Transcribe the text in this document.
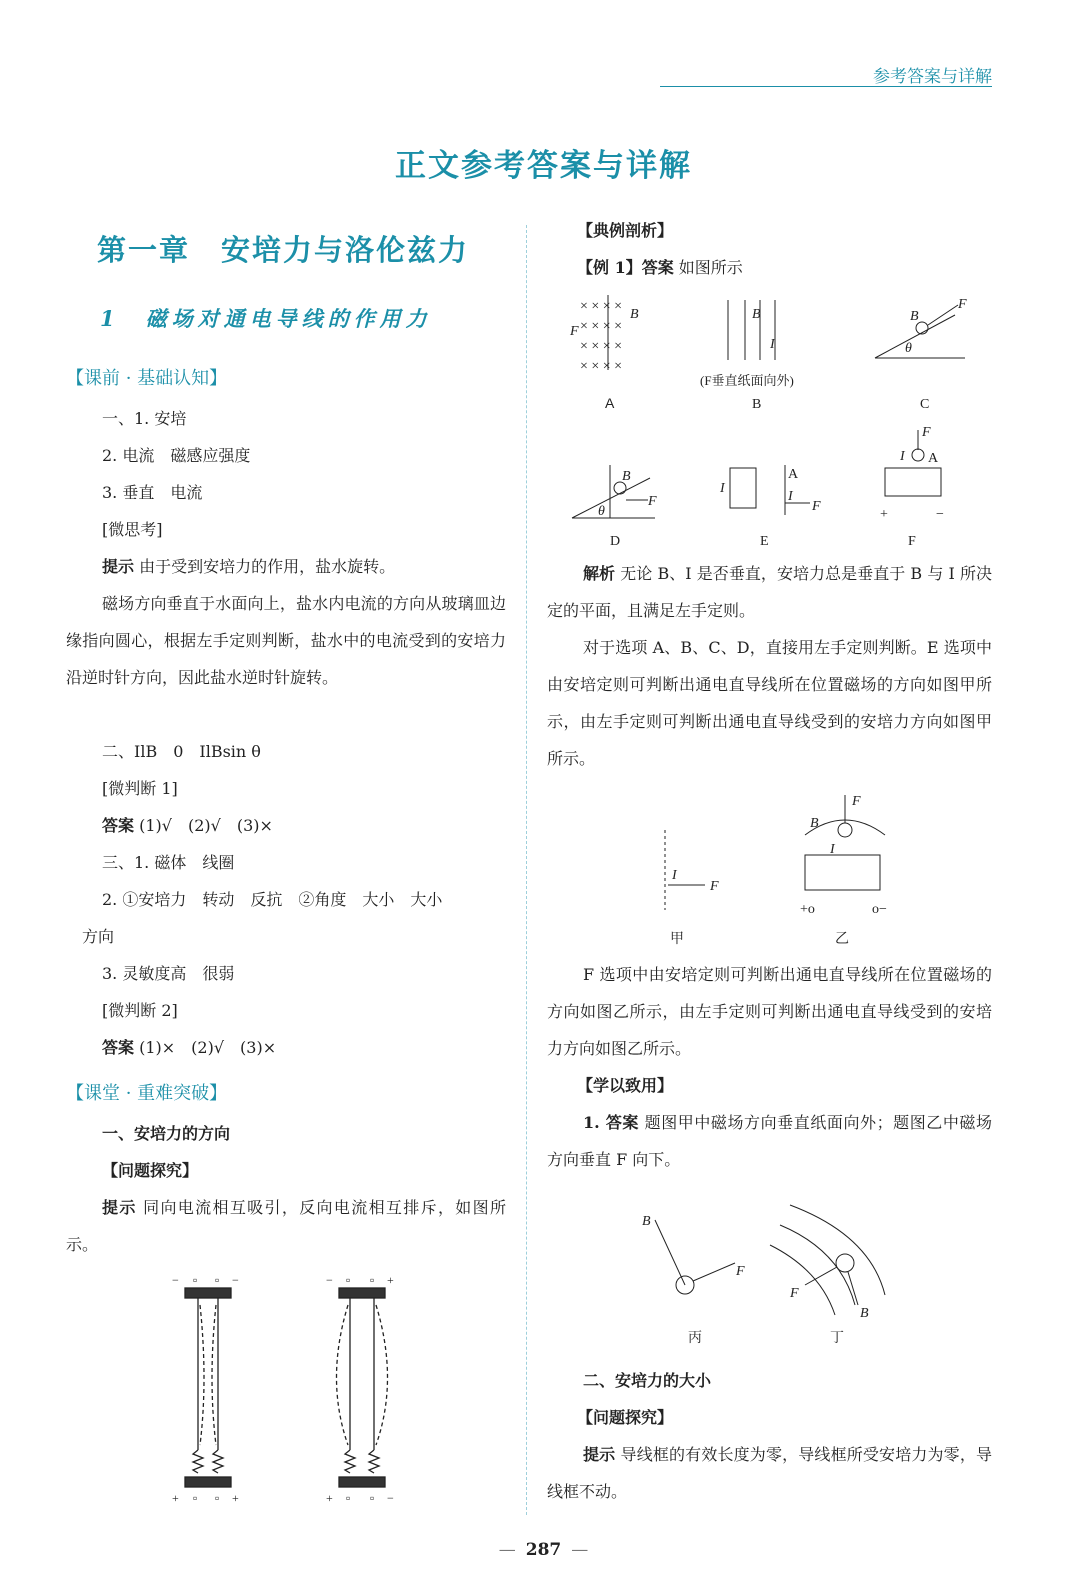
参考答案与详解
正文参考答案与详解
第一章　安培力与洛伦兹力
1　磁场对通电导线的作用力
【课前 · 基础认知】
一、1. 安培
2. 电流　磁感应强度
3. 垂直　电流
[微思考]
提示 由于受到安培力的作用，盐水旋转。
磁场方向垂直于水面向上，盐水内电流的方向从玻璃皿边缘指向圆心，根据左手定则判断，盐水中的电流受到的安培力沿逆时针方向，因此盐水逆时针旋转。
二、IlB　0　IlBsin θ
[微判断 1]
答案 (1)√　(2)√　(3)×
三、1. 磁体　线圈
2. ①安培力　转动　反抗　②角度　大小　大小
方向
3. 灵敏度高　很弱
[微判断 2]
答案 (1)×　(2)√　(3)×
【课堂 · 重难突破】
一、安培力的方向
【问题探究】
提示 同向电流相互吸引，反向电流相互排斥，如图所示。
− ▫ ▫ −
+ ▫ ▫ +
− ▫ ▫ +
+ ▫ ▫ −
【典例剖析】
【例 1】答案 如图所示
× × × ×
× × × ×
× × × ×
× × × ×
F
B
A
B
I
(F垂直纸面向外)
B
B
F
θ
C
B
F
θ
D
I
A
I
F
E
F
I A
+	−
F
解析 无论 B、I 是否垂直，安培力总是垂直于 B 与 I 所决定的平面，且满足左手定则。
对于选项 A、B、C、D，直接用左手定则判断。E 选项中由安培定则可判断出通电直导线所在位置磁场的方向如图甲所示，由左手定则可判断出通电直导线受到的安培力方向如图甲所示。
I
F
F
B
I
+o	o−
甲	乙
F 选项中由安培定则可判断出通电直导线所在位置磁场的方向如图乙所示，由左手定则可判断出通电直导线受到的安培力方向如图乙所示。
【学以致用】
1. 答案 题图甲中磁场方向垂直纸面向外；题图乙中磁场方向垂直 F 向下。
B
F
F
B
丙	丁
二、安培力的大小
【问题探究】
提示 导线框的有效长度为零，导线框所受安培力为零，导线框不动。
— 287 —
